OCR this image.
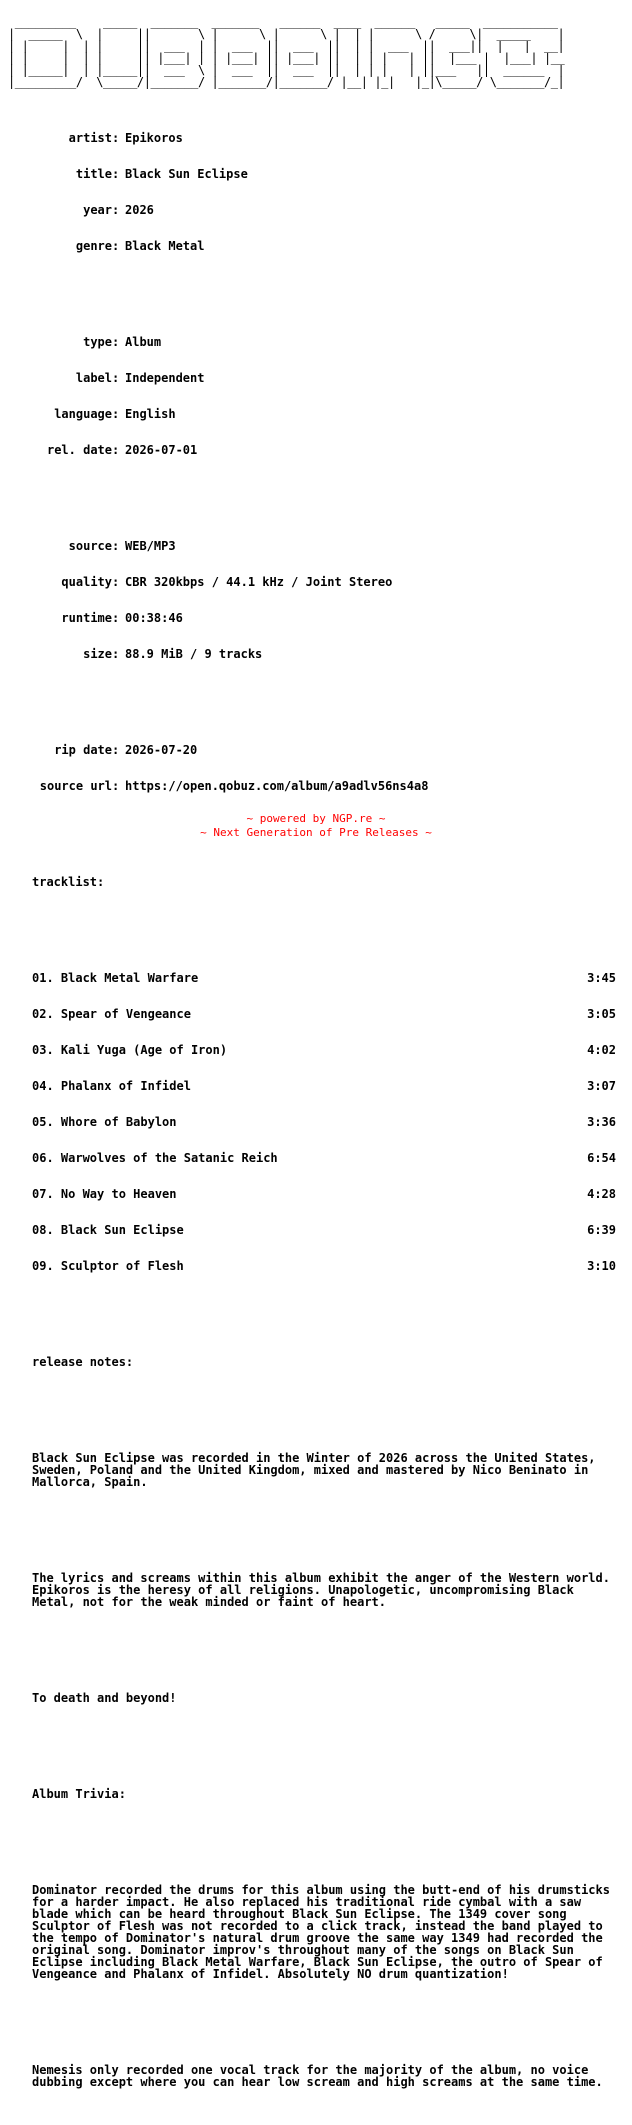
_________    _____  _______  _______   ______  ____  ______   _____  ___________
|  _____  \  |     ||       \ |      \ |      \ |  | |      \ /     \|  _____    |
| |     |  | |     ||  ___  | |  ___  ||  ___  ||  | |  ___  ||  ___||  |   |  __|
| |     |  | |     || |___| | | |___| || |___| ||  | | |   | ||  |___ |  |___| |__
| |_____|  | |_____||  ___  \ |  ___  ||  ___  ||  | | |   | ||___   ||  ______  |
|_________/  \_____/|_______/ |_______/|_______/ |__| |_|   |_|\_____/ \_______/_|

artist: Epikoros

title: Black Sun Eclipse

year: 2026

genre: Black Metal

type: Album

label: Independent

language: English

rel. date: 2026-07-01

source: WEB/MP3

quality: CBR 320kbps / 44.1 kHz / Joint Stereo

runtime: 00:38:46

size: 88.9 MiB / 9 tracks

rip date: 2026-07-20

source url: https://open.qobuz.com/album/a9adlv56ns4a8

tracklist:

01. Black Metal Warfare	3:45

02. Spear of Vengeance	3:05

03. Kali Yuga (Age of Iron)	4:02

04. Phalanx of Infidel	3:07

05. Whore of Babylon	3:36

06. Warwolves of the Satanic Reich	6:54

07. No Way to Heaven	4:28

08. Black Sun Eclipse	6:39

09. Sculptor of Flesh	3:10

release notes:

Black Sun Eclipse was recorded in the Winter of 2026 across the United States, Sweden, Poland and the United Kingdom, mixed and mastered by Nico Beninato in Mallorca, Spain.

The lyrics and screams within this album exhibit the anger of the Western world. Epikoros is the heresy of all religions. Unapologetic, uncompromising Black Metal, not for the weak minded or faint of heart.

To death and beyond!

Album Trivia:

Dominator recorded the drums for this album using the butt-end of his drumsticks for a harder impact. He also replaced his traditional ride cymbal with a saw blade which can be heard throughout Black Sun Eclipse. The 1349 cover song Sculptor of Flesh was not recorded to a click track, instead the band played to the tempo of Dominator's natural drum groove the same way 1349 had recorded the original song. Dominator improv's throughout many of the songs on Black Sun Eclipse including Black Metal Warfare, Black Sun Eclipse, the outro of Spear of Vengeance and Phalanx of Infidel. Absolutely NO drum quantization!

Nemesis only recorded one vocal track for the majority of the album, no voice dubbing except where you can hear low scream and high screams at the same time.

~ powered by NGP.re ~
~ Next Generation of Pre Releases ~
